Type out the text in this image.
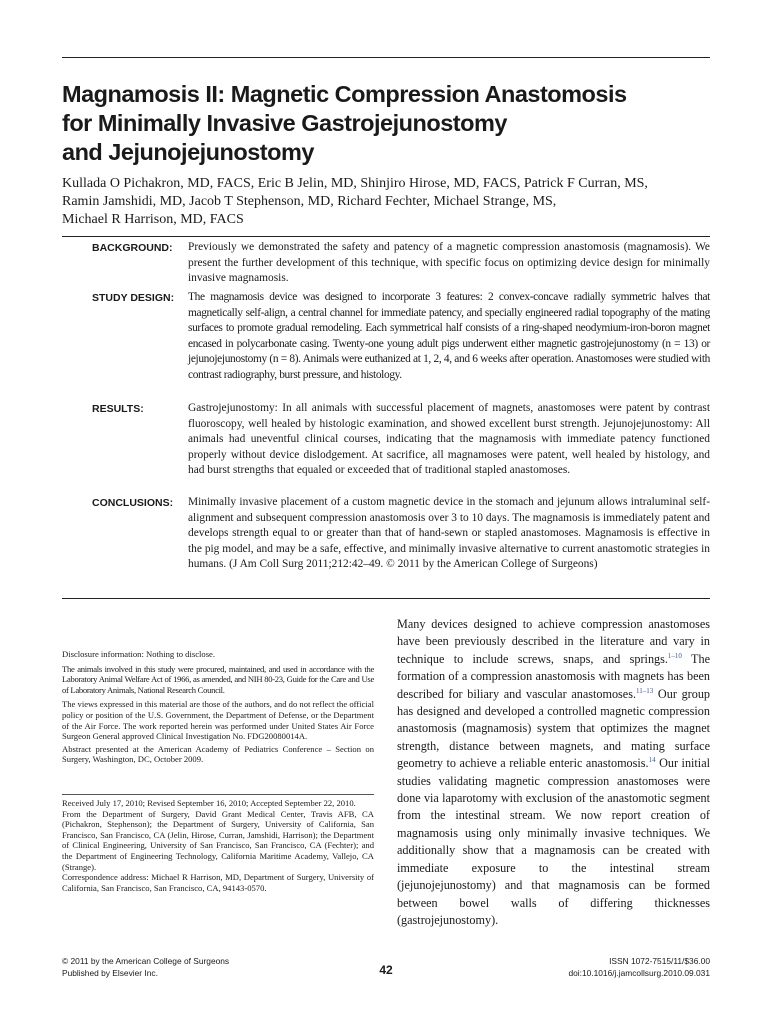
Magnamosis II: Magnetic Compression Anastomosis
for Minimally Invasive Gastrojejunostomy
and Jejunojejunostomy
Kullada O Pichakron, MD, FACS, Eric B Jelin, MD, Shinjiro Hirose, MD, FACS, Patrick F Curran, MS,
Ramin Jamshidi, MD, Jacob T Stephenson, MD, Richard Fechter, Michael Strange, MS,
Michael R Harrison, MD, FACS
BACKGROUND:	Previously we demonstrated the safety and patency of a magnetic compression anastomosis (magnamosis). We present the further development of this technique, with specific focus on optimizing device design for minimally invasive magnamosis.
STUDY DESIGN:	The magnamosis device was designed to incorporate 3 features: 2 convex-concave radially symmetric halves that magnetically self-align, a central channel for immediate patency, and specially engineered radial topography of the mating surfaces to promote gradual remodeling. Each symmetrical half consists of a ring-shaped neodymium-iron-boron magnet encased in polycarbonate casing. Twenty-one young adult pigs underwent either magnetic gastrojejunostomy (n = 13) or jejunojejunostomy (n = 8). Animals were euthanized at 1, 2, 4, and 6 weeks after operation. Anastomoses were studied with contrast radiography, burst pressure, and histology.
RESULTS:	Gastrojejunostomy: In all animals with successful placement of magnets, anastomoses were patent by contrast fluoroscopy, well healed by histologic examination, and showed excellent burst strength. Jejunojejunostomy: All animals had uneventful clinical courses, indicating that the magnamosis with immediate patency functioned properly without device dislodgement. At sacrifice, all magnamoses were patent, well healed by histology, and had burst strengths that equaled or exceeded that of traditional stapled anastomoses.
CONCLUSIONS:	Minimally invasive placement of a custom magnetic device in the stomach and jejunum allows intraluminal self-alignment and subsequent compression anastomosis over 3 to 10 days. The magnamosis is immediately patent and develops strength equal to or greater than that of hand-sewn or stapled anastomoses. Magnamosis is effective in the pig model, and may be a safe, effective, and minimally invasive alternative to current anastomotic strategies in humans. (J Am Coll Surg 2011;212:42–49. © 2011 by the American College of Surgeons)

Disclosure information: Nothing to disclose.

The animals involved in this study were procured, maintained, and used in accordance with the Laboratory Animal Welfare Act of 1966, as amended, and NIH 80-23, Guide for the Care and Use of Laboratory Animals, National Research Council.

The views expressed in this material are those of the authors, and do not reflect the official policy or position of the U.S. Government, the Department of Defense, or the Department of the Air Force. The work reported herein was performed under United States Air Force Surgeon General approved Clinical Investigation No. FDG20080014A.

Abstract presented at the American Academy of Pediatrics Conference – Section on Surgery, Washington, DC, October 2009.

Received July 17, 2010; Revised September 16, 2010; Accepted September 22, 2010.

From the Department of Surgery, David Grant Medical Center, Travis AFB, CA (Pichakron, Stephenson); the Department of Surgery, University of California, San Francisco, San Francisco, CA (Jelin, Hirose, Curran, Jamshidi, Harrison); the Department of Clinical Engineering, University of San Francisco, San Francisco, CA (Fechter); and the Department of Engineering Technology, California Maritime Academy, Vallejo, CA (Strange).

Correspondence address: Michael R Harrison, MD, Department of Surgery, University of California, San Francisco, San Francisco, CA, 94143-0570.

Many devices designed to achieve compression anastomoses have been previously described in the literature and vary in technique to include screws, snaps, and springs.$^{1-10}$ The formation of a compression anastomosis with magnets has been described for biliary and vascular anastomoses.$^{11-13}$ Our group has designed and developed a controlled magnetic compression anastomosis (magnamosis) system that optimizes the magnet strength, distance between magnets, and mating surface geometry to achieve a reliable enteric anastomosis.$^{14}$ Our initial studies validating magnetic compression anastomoses were done via laparotomy with exclusion of the anastomotic segment from the intestinal stream. We now report creation of magnamosis using only minimally invasive techniques. We additionally show that a magnamosis can be created with immediate exposure to the intestinal stream (jejunojejunostomy) and that magnamosis can be formed between bowel walls of differing thicknesses (gastrojejunostomy).
© 2011 by the American College of Surgeons
Published by Elsevier Inc.	42
ISSN 1072-7515/11/$36.00
doi:10.1016/j.jamcollsurg.2010.09.031
